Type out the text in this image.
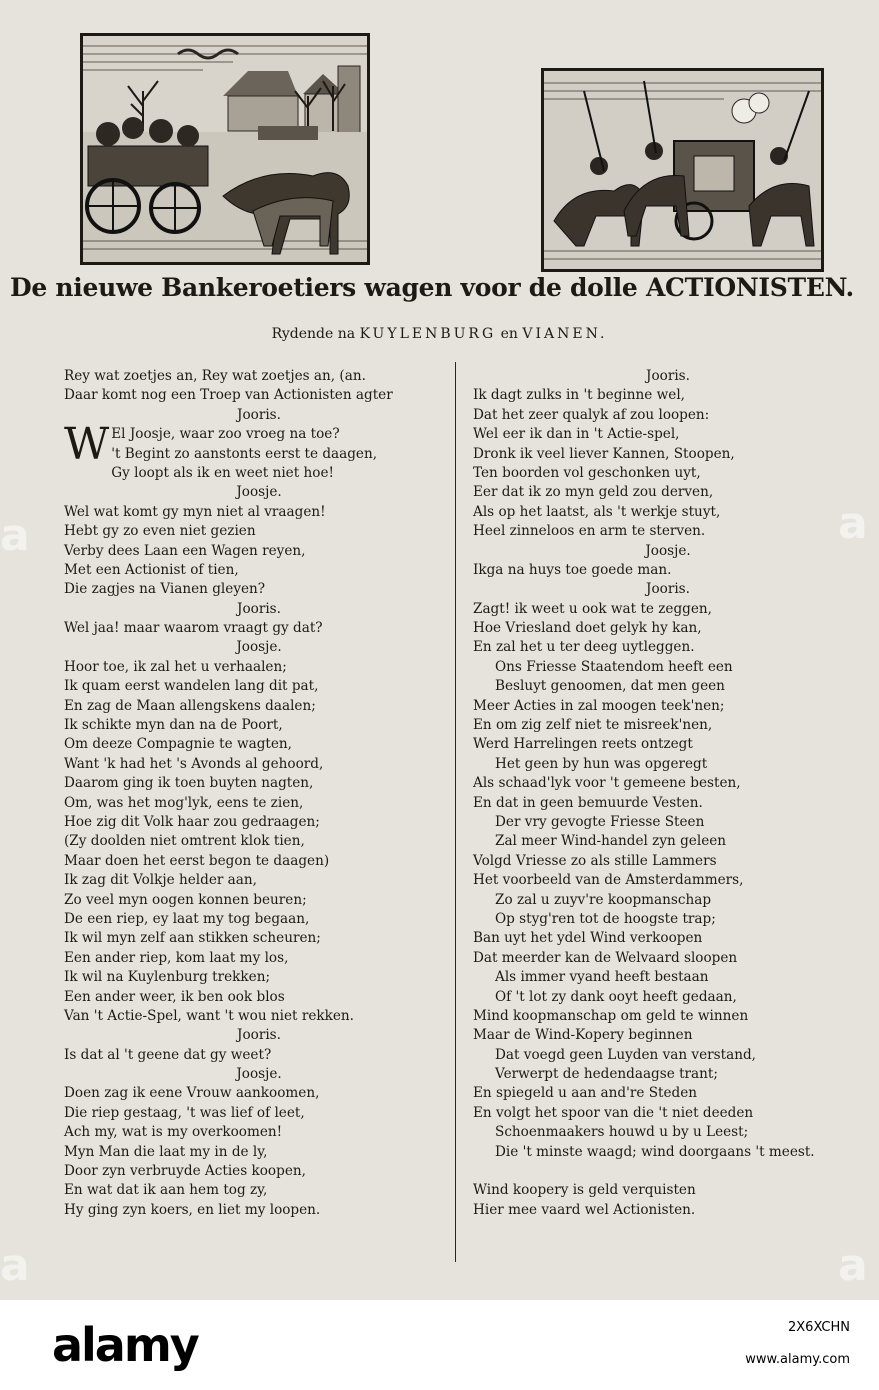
De nieuwe Bankeroetiers wagen voor de dolle ACTIONISTEN.
Rydende na KUYLENBURG en VIANEN.
Rey wat zoetjes an, Rey wat zoetjes an, (an.
Daar komt nog een Troep van Actionisten agter
Jooris.
W El Joosje, waar zoo vroeg na toe?
't Begint zo aanstonts eerst te daagen,
Gy loopt als ik en weet niet hoe!
Joosje.
Wel wat komt gy myn niet al vraagen!
Hebt gy zo even niet gezien
Verby dees Laan een Wagen reyen,
Met een Actionist of tien,
Die zagjes na Vianen gleyen?
Jooris.
Wel jaa! maar waarom vraagt gy dat?
Joosje.
Hoor toe, ik zal het u verhaalen;
Ik quam eerst wandelen lang dit pat,
En zag de Maan allengskens daalen;
Ik schikte myn dan na de Poort,
Om deeze Compagnie te wagten,
Want 'k had het 's Avonds al gehoord,
Daarom ging ik toen buyten nagten,
Om, was het mog'lyk, eens te zien,
Hoe zig dit Volk haar zou gedraagen;
(Zy doolden niet omtrent klok tien,
Maar doen het eerst begon te daagen)
Ik zag dit Volkje helder aan,
Zo veel myn oogen konnen beuren;
De een riep, ey laat my tog begaan,
Ik wil myn zelf aan stikken scheuren;
Een ander riep, kom laat my los,
Ik wil na Kuylenburg trekken;
Een ander weer, ik ben ook blos
Van 't Actie-Spel, want 't wou niet rekken.
Jooris.
Is dat al 't geene dat gy weet?
Joosje.
Doen zag ik eene Vrouw aankoomen,
Die riep gestaag, 't was lief of leet,
Ach my, wat is my overkoomen!
Myn Man die laat my in de ly,
Door zyn verbruyde Acties koopen,
En wat dat ik aan hem tog zy,
Hy ging zyn koers, en liet my loopen.
Jooris.
Ik dagt zulks in 't beginne wel,
Dat het zeer qualyk af zou loopen:
Wel eer ik dan in 't Actie-spel,
Dronk ik veel liever Kannen, Stoopen,
Ten boorden vol geschonken uyt,
Eer dat ik zo myn geld zou derven,
Als op het laatst, als 't werkje stuyt,
Heel zinneloos en arm te sterven.
Joosje.
Ikga na huys toe goede man.
Jooris.
Zagt! ik weet u ook wat te zeggen,
Hoe Vriesland doet gelyk hy kan,
En zal het u ter deeg uytleggen.
Ons Friesse Staatendom heeft een
Besluyt genoomen, dat men geen
Meer Acties in zal moogen teek'nen;
En om zig zelf niet te misreek'nen,
Werd Harrelingen reets ontzegt
Het geen by hun was opgeregt
Als schaad'lyk voor 't gemeene besten,
En dat in geen bemuurde Vesten.
Der vry gevogte Friesse Steen
Zal meer Wind-handel zyn geleen
Volgd Vriesse zo als stille Lammers
Het voorbeeld van de Amsterdammers,
Zo zal u zuyv're koopmanschap
Op styg'ren tot de hoogste trap;
Ban uyt het ydel Wind verkoopen
Dat meerder kan de Welvaard sloopen
Als immer vyand heeft bestaan
Of 't lot zy dank ooyt heeft gedaan,
Mind koopmanschap om geld te winnen
Maar de Wind-Kopery beginnen
Dat voegd geen Luyden van verstand,
Verwerpt de hedendaagse trant;
En spiegeld u aan and're Steden
En volgt het spoor van die 't niet deeden
Schoenmaakers houwd u by u Leest;
Die 't minste waagd; wind doorgaans 't meest.
Wind koopery is geld verquisten
Hier mee vaard wel Actionisten.
a	a
a	a
alamy	2X6XCHN
www.alamy.com
